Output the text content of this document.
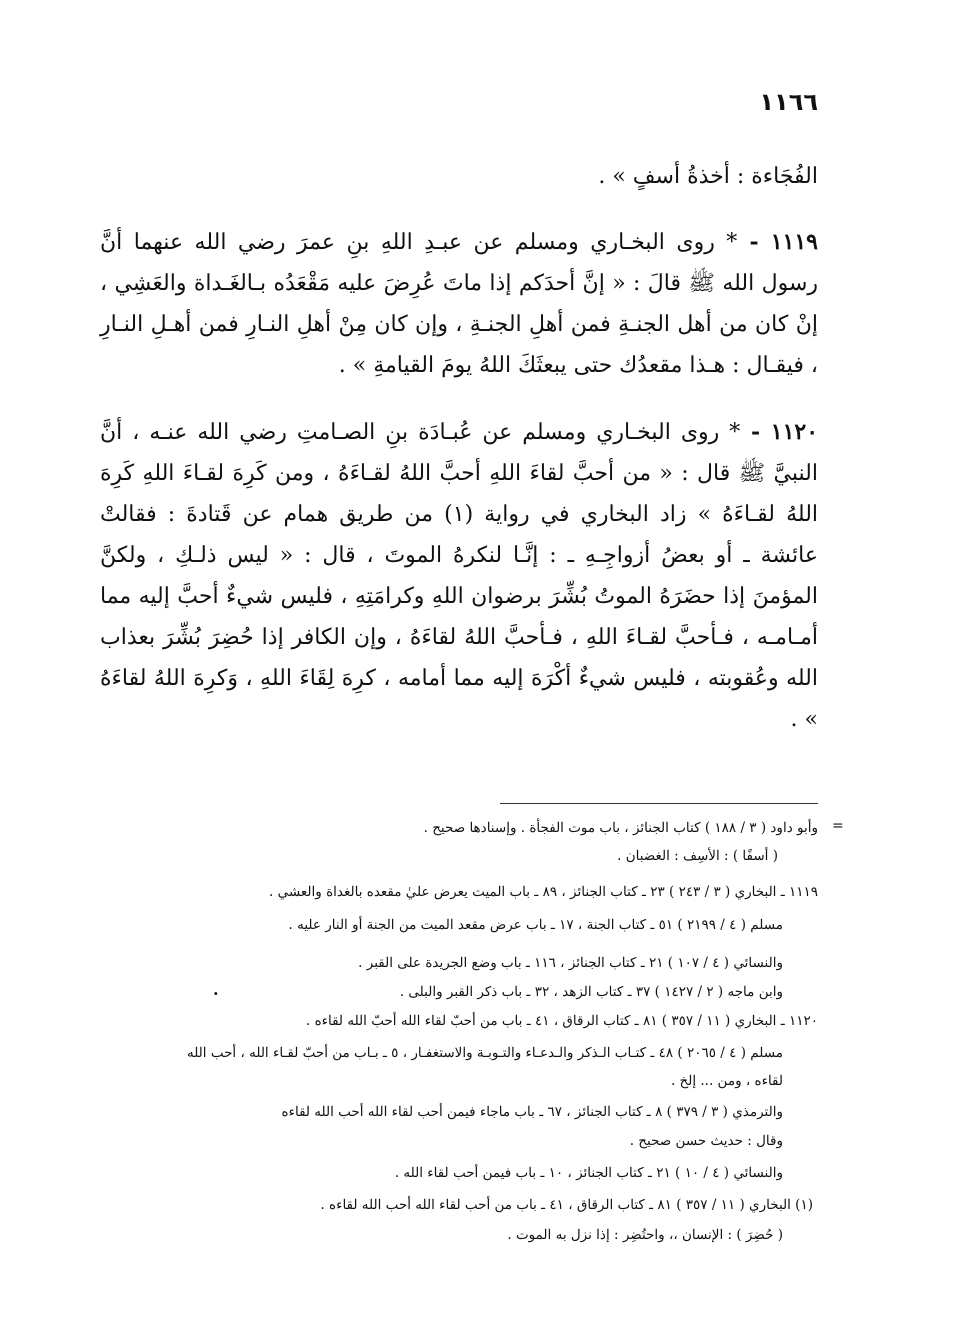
١١٦٦
الفُجَاءة : أخذةُ أسفٍ » .
١١١٩ - * روى البخـاري ومسلم عن عبـدِ اللهِ بنِ عمرَ رضي الله عنهما أنَّ رسول الله ﷺ قالَ : « إنَّ أحدَكم إذا ماتَ عُرِضَ عليه مَقْعَدُه بـالغَـداة والعَشِي ، إنْ كان من أهل الجنـةِ فمن أهلِ الجنـةِ ، وإن كان مِنْ أهلِ النـارِ فمن أهـلِ النـارِ ، فيقـال : هـذا مقعدُك حتى يبعثَكَ اللهُ يومَ القيامةِ » .
١١٢٠ - * روى البخـاري ومسلم عن عُبـادَة بنِ الصـامتِ رضي الله عنـه ، أنَّ النبيَّ ﷺ قال : « من أحبَّ لقاءَ اللهِ أحبَّ اللهُ لقـاءَهُ ، ومن كَرِهَ لقـاءَ اللهِ كَرِهَ اللهُ لقـاءَهُ » زاد البخاري في رواية (١) من طريق همام عن قَتادةَ : فقالتْ عائشة ـ أو بعضُ أزواجِـهِ ـ : إنَّـا لنكرهُ الموتَ ، قال : « ليس ذلـكِ ، ولكنَّ المؤمنَ إذا حضَرَهُ الموتُ بُشِّرَ برضوان اللهِ وكرامَتِهِ ، فليس شيءٌ أحبَّ إليه مما أمـامـه ، فـأحبَّ لقـاءَ اللهِ ، فـأحبَّ اللهُ لقاءَهُ ، وإن الكافر إذا حُضِرَ بُشِّرَ بعذاب الله وعُقوبته ، فليس شيءٌ أكْرَهَ إليه مما أمامه ، كرِهَ لِقَاءَ اللهِ ، وَكرِهَ اللهُ لقاءَهُ » .
=
.
وأبو داود ( ٣ / ١٨٨ ) كتاب الجنائز ، باب موت الفجأة . وإسنادها صحيح .
( أسفًا ) : الأسِف : الغضبان .
١١١٩ ـ البخاري ( ٣ / ٢٤٣ ) ٢٣ ـ كتاب الجنائز ، ٨٩ ـ باب الميت يعرض عليٰ مقعده بالغداة والعشي .
مسلم ( ٤ / ٢١٩٩ ) ٥١ ـ كتاب الجنة ، ١٧ ـ باب عرض مقعد الميت من الجنة أو النار عليه .
والنسائي ( ٤ / ١٠٧ ) ٢١ ـ كتاب الجنائز ، ١١٦ ـ باب وضع الجريدة على القبر .
وابن ماجه ( ٢ / ١٤٢٧ ) ٣٧ ـ كتاب الزهد ، ٣٢ ـ باب ذكر القبر والبلى .
١١٢٠ ـ البخاري ( ١١ / ٣٥٧ ) ٨١ ـ كتاب الرقاق ، ٤١ ـ باب من أحبّ لقاء الله أحبّ الله لقاءه .
مسلم ( ٤ / ٢٠٦٥ ) ٤٨ ـ كتـاب الـذكر والـدعـاء والتـوبـة والاستغفـار ، ٥ ـ بـاب من أحبّ لقـاء الله ، أحب الله
لقاءه ، ومن ... إلخ .
والترمذي ( ٣ / ٣٧٩ ) ٨ ـ كتاب الجنائز ، ٦٧ ـ باب ماجاء فيمن أحب لقاء الله أحب الله لقاءه
وقال : حديث حسن صحيح .
والنسائي ( ٤ / ١٠ ) ٢١ ـ كتاب الجنائز ، ١٠ ـ باب فيمن أحب لقاء الله .
(١) البخاري ( ١١ / ٣٥٧ ) ٨١ ـ كتاب الرقاق ، ٤١ ـ باب من أحب لقاء الله أحب الله لقاءه .
( حُضِرَ ) : الإنسان ،، واحتُضِر : إذا نزل به الموت .
